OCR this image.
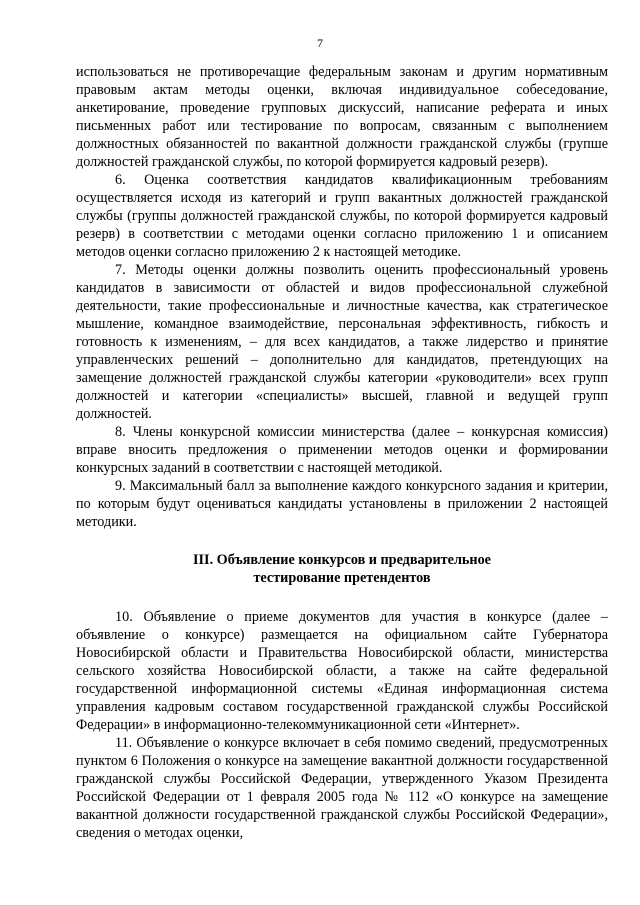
7

использоваться не противоречащие федеральным законам и другим нормативным правовым актам методы оценки, включая индивидуальное собеседование, анкетирование, проведение групповых дискуссий, написание реферата и иных письменных работ или тестирование по вопросам, связанным с выполнением должностных обязанностей по вакантной должности гражданской службы (групше должностей гражданской службы, по которой формируется кадровый резерв).

6. Оценка соответствия кандидатов квалификационным требованиям осуществляется исходя из категорий и групп вакантных должностей гражданской службы (группы должностей гражданской службы, по которой формируется кадровый резерв) в соответствии с методами оценки согласно приложению 1 и описанием методов оценки согласно приложению 2 к настоящей методике.

7. Методы оценки должны позволить оценить профессиональный уровень кандидатов в зависимости от областей и видов профессиональной служебной деятельности, такие профессиональные и личностные качества, как стратегическое мышление, командное взаимодействие, персональная эффективность, гибкость и готовность к изменениям, – для всех кандидатов, а также лидерство и принятие управленческих решений – дополнительно для кандидатов, претендующих на замещение должностей гражданской службы категории «руководители» всех групп должностей и категории «специалисты» высшей, главной и ведущей групп должностей.

8. Члены конкурсной комиссии министерства (далее – конкурсная комиссия) вправе вносить предложения о применении методов оценки и формировании конкурсных заданий в соответствии с настоящей методикой.

9. Максимальный балл за выполнение каждого конкурсного задания и критерии, по которым будут оцениваться кандидаты установлены в приложении 2 настоящей методики.

III. Объявление конкурсов и предварительное
тестирование претендентов

10. Объявление о приеме документов для участия в конкурсе (далее – объявление о конкурсе) размещается на официальном сайте Губернатора Новосибирской области и Правительства Новосибирской области, министерства сельского хозяйства Новосибирской области, а также на сайте федеральной государственной информационной системы «Единая информационная система управления кадровым составом государственной гражданской службы Российской Федерации» в информационно-телекоммуникационной сети «Интернет».

11. Объявление о конкурсе включает в себя помимо сведений, предусмотренных пунктом 6 Положения о конкурсе на замещение вакантной должности государственной гражданской службы Российской Федерации, утвержденного Указом Президента Российской Федерации от 1 февраля 2005 года № 112 «О конкурсе на замещение вакантной должности государственной гражданской службы Российской Федерации», сведения о методах оценки,
